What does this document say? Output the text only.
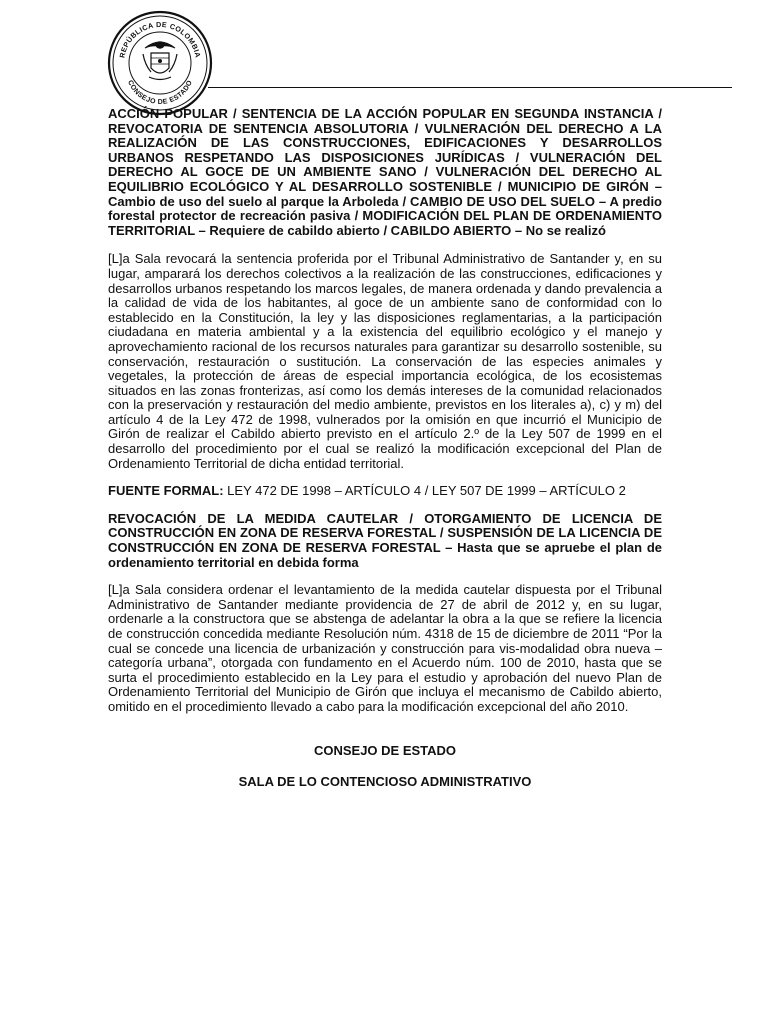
REPÚBLICA DE COLOMBIA
CONSEJO DE ESTADO

ACCIÓN POPULAR / SENTENCIA DE LA ACCIÓN POPULAR EN SEGUNDA INSTANCIA / REVOCATORIA DE SENTENCIA ABSOLUTORIA / VULNERACIÓN DEL DERECHO A LA REALIZACIÓN DE LAS CONSTRUCCIONES, EDIFICACIONES Y DESARROLLOS URBANOS RESPETANDO LAS DISPOSICIONES JURÍDICAS / VULNERACIÓN DEL DERECHO AL GOCE DE UN AMBIENTE SANO / VULNERACIÓN DEL DERECHO AL EQUILIBRIO ECOLÓGICO Y AL DESARROLLO SOSTENIBLE / MUNICIPIO DE GIRÓN – Cambio de uso del suelo al parque la Arboleda / CAMBIO DE USO DEL SUELO – A predio forestal protector de recreación pasiva / MODIFICACIÓN DEL PLAN DE ORDENAMIENTO TERRITORIAL – Requiere de cabildo abierto / CABILDO ABIERTO – No se realizó

[L]a Sala revocará la sentencia proferida por el Tribunal Administrativo de Santander y, en su lugar, amparará los derechos colectivos a la realización de las construcciones, edificaciones y desarrollos urbanos respetando los marcos legales, de manera ordenada y dando prevalencia a la calidad de vida de los habitantes, al goce de un ambiente sano de conformidad con lo establecido en la Constitución, la ley y las disposiciones reglamentarias, a la participación ciudadana en materia ambiental y a la existencia del equilibrio ecológico y el manejo y aprovechamiento racional de los recursos naturales para garantizar su desarrollo sostenible, su conservación, restauración o sustitución. La conservación de las especies animales y vegetales, la protección de áreas de especial importancia ecológica, de los ecosistemas situados en las zonas fronterizas, así como los demás intereses de la comunidad relacionados con la preservación y restauración del medio ambiente, previstos en los literales a), c) y m) del artículo 4 de la Ley 472 de 1998, vulnerados por la omisión en que incurrió el Municipio de Girón de realizar el Cabildo abierto previsto en el artículo 2.º de la Ley 507 de 1999 en el desarrollo del procedimiento por el cual se realizó la modificación excepcional del Plan de Ordenamiento Territorial de dicha entidad territorial.

FUENTE FORMAL: LEY 472 DE 1998 – ARTÍCULO 4 / LEY 507 DE 1999 – ARTÍCULO 2

REVOCACIÓN DE LA MEDIDA CAUTELAR / OTORGAMIENTO DE LICENCIA DE CONSTRUCCIÓN EN ZONA DE RESERVA FORESTAL / SUSPENSIÓN DE LA LICENCIA DE CONSTRUCCIÓN EN ZONA DE RESERVA FORESTAL – Hasta que se apruebe el plan de ordenamiento territorial en debida forma

[L]a Sala considera ordenar el levantamiento de la medida cautelar dispuesta por el Tribunal Administrativo de Santander mediante providencia de 27 de abril de 2012 y, en su lugar, ordenarle a la constructora que se abstenga de adelantar la obra a la que se refiere la licencia de construcción concedida mediante Resolución núm. 4318 de 15 de diciembre de 2011 “Por la cual se concede una licencia de urbanización y construcción para vis-modalidad obra nueva – categoría urbana”, otorgada con fundamento en el Acuerdo núm. 100 de 2010, hasta que se surta el procedimiento establecido en la Ley para el estudio y aprobación del nuevo Plan de Ordenamiento Territorial del Municipio de Girón que incluya el mecanismo de Cabildo abierto, omitido en el procedimiento llevado a cabo para la modificación excepcional del año 2010.

CONSEJO DE ESTADO

SALA DE LO CONTENCIOSO ADMINISTRATIVO
